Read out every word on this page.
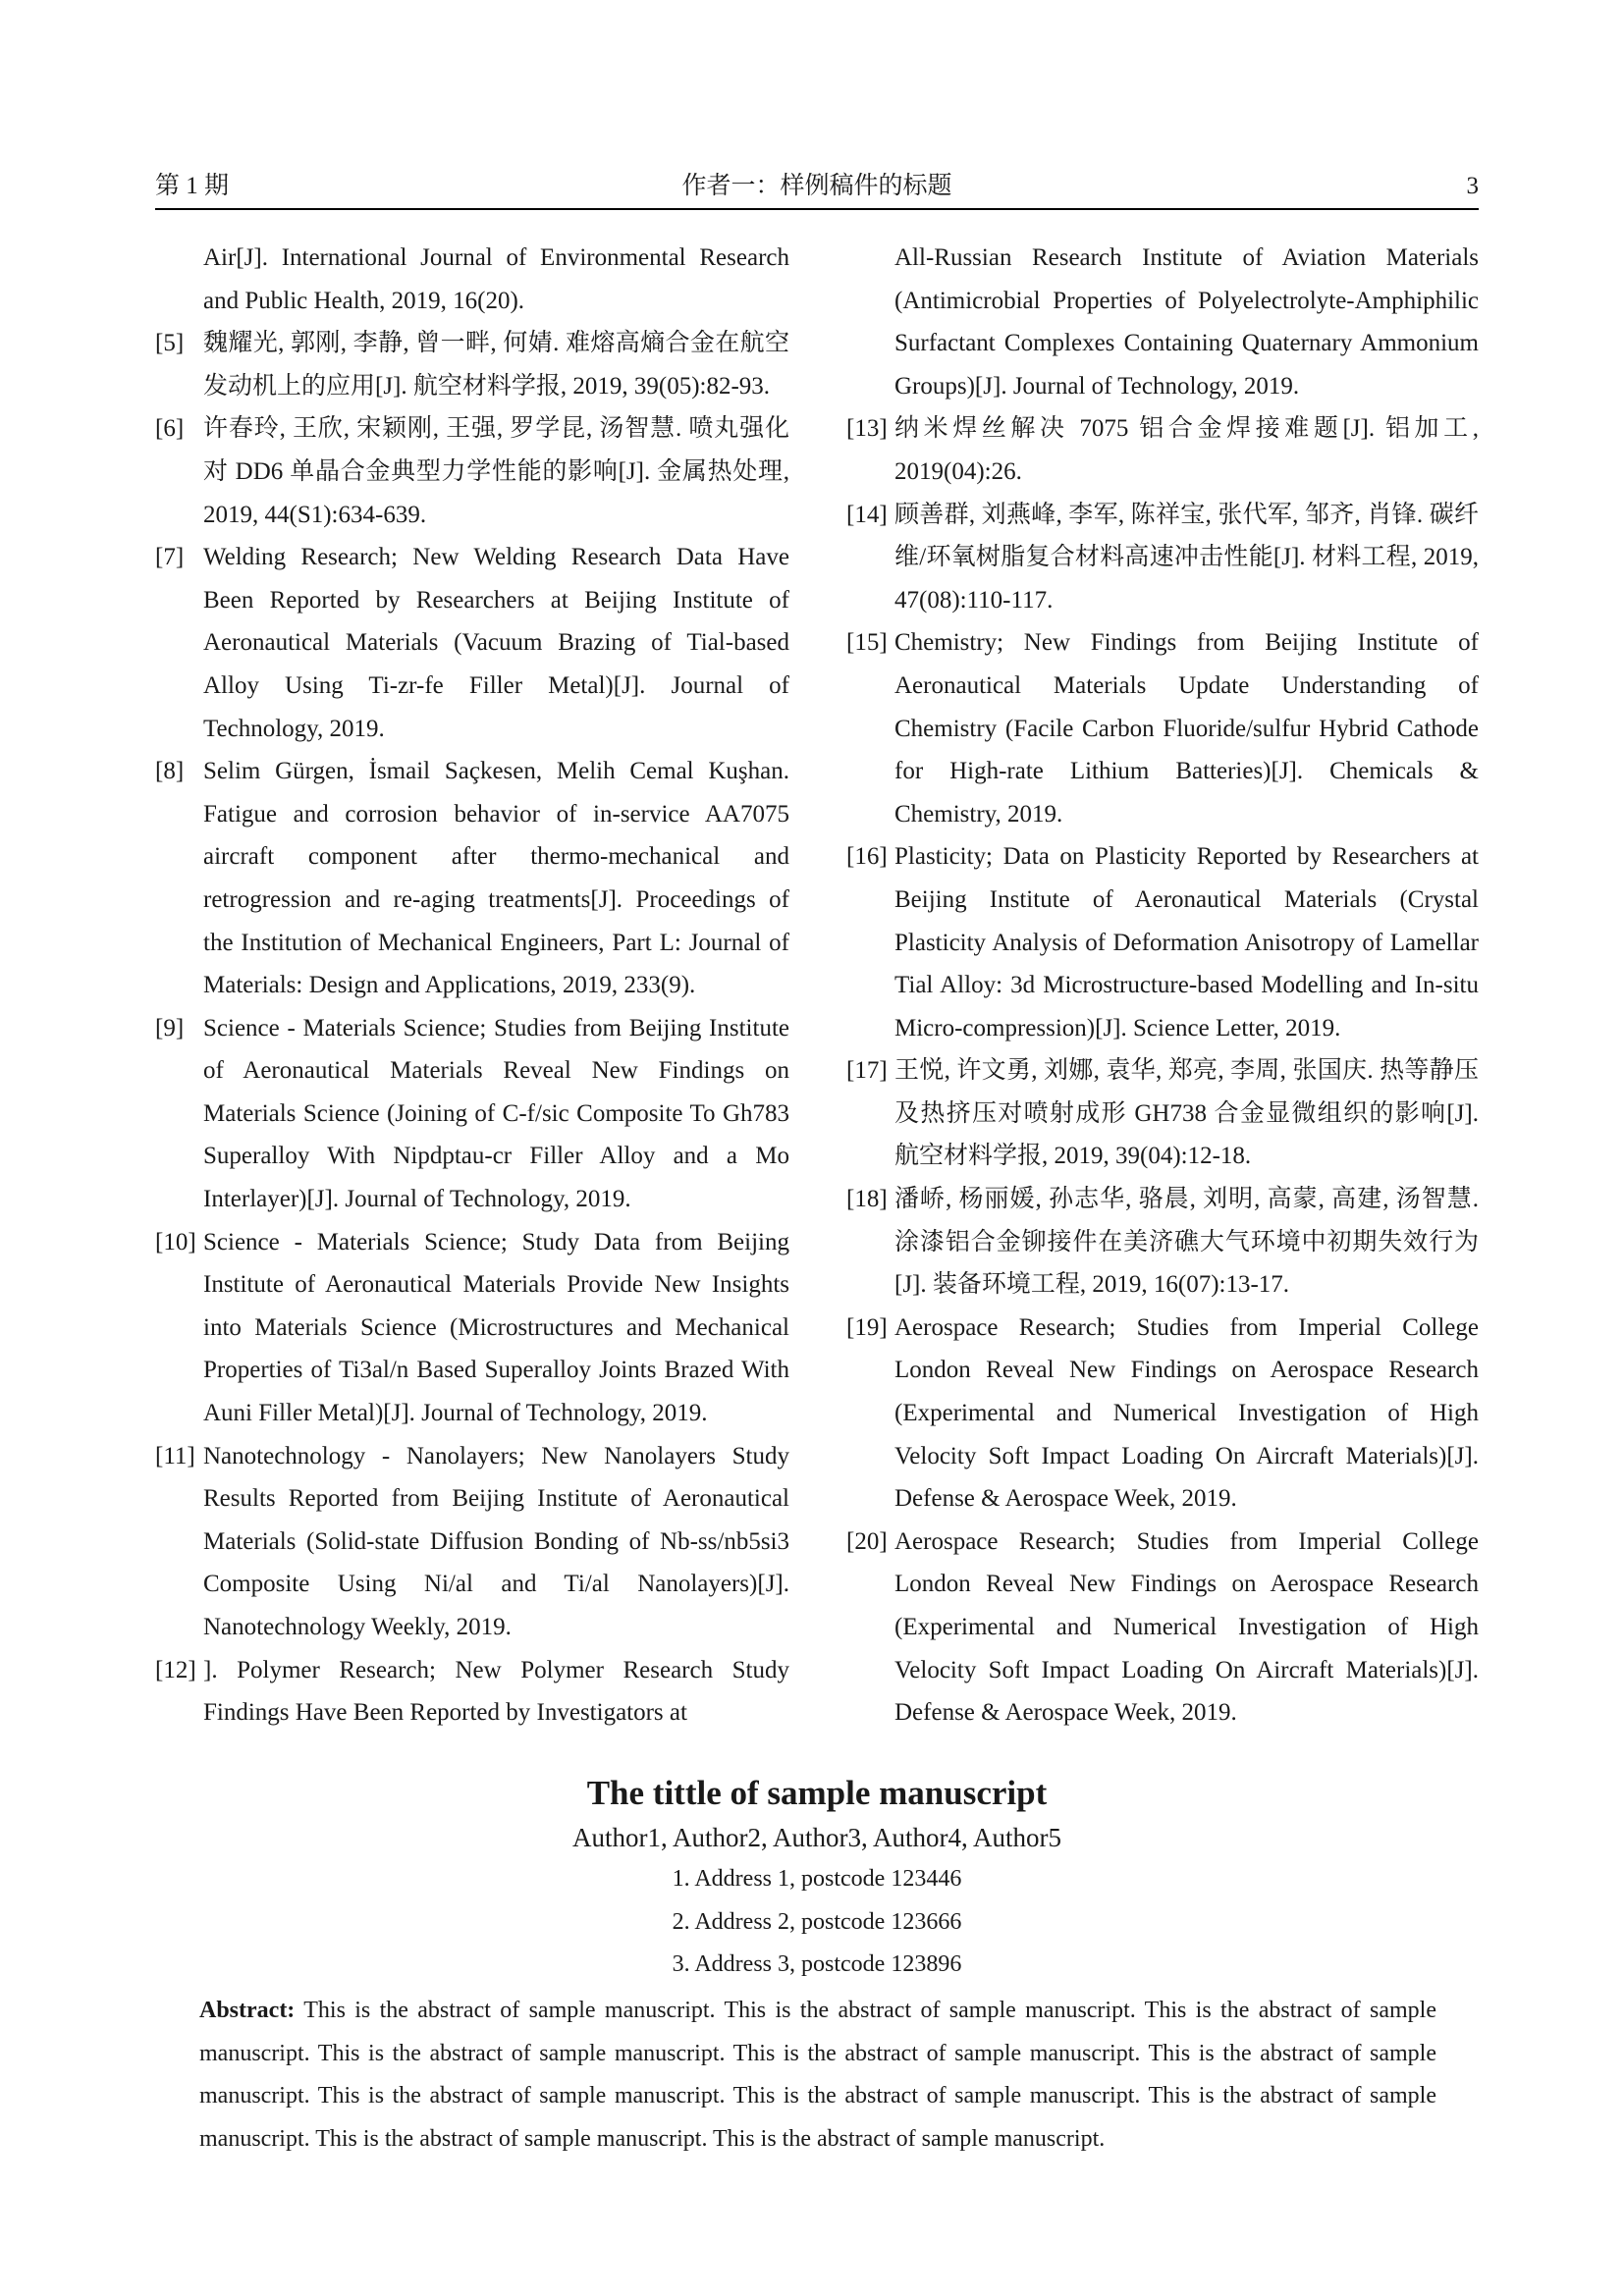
第 1 期	作者一：样例稿件的标题	3
Air[J]. International Journal of Environmental Research and Public Health, 2019, 16(20).
[5] 魏耀光, 郭刚, 李静, 曾一畔, 何婧. 难熔高熵合金在航空发动机上的应用[J]. 航空材料学报, 2019, 39(05):82-93.
[6] 许春玲, 王欣, 宋颖刚, 王强, 罗学昆, 汤智慧. 喷丸强化对 DD6 单晶合金典型力学性能的影响[J]. 金属热处理, 2019, 44(S1):634-639.
[7] Welding Research; New Welding Research Data Have Been Reported by Researchers at Beijing Institute of Aeronautical Materials (Vacuum Brazing of Tial-based Alloy Using Ti-zr-fe Filler Metal)[J]. Journal of Technology, 2019.
[8] Selim Gürgen, İsmail Saçkesen, Melih Cemal Kuşhan. Fatigue and corrosion behavior of in-service AA7075 aircraft component after thermo-mechanical and retrogression and re-aging treatments[J]. Proceedings of the Institution of Mechanical Engineers, Part L: Journal of Materials: Design and Applications, 2019, 233(9).
[9] Science - Materials Science; Studies from Beijing Institute of Aeronautical Materials Reveal New Findings on Materials Science (Joining of C-f/sic Composite To Gh783 Superalloy With Nipdptau-cr Filler Alloy and a Mo Interlayer)[J]. Journal of Technology, 2019.
[10] Science - Materials Science; Study Data from Beijing Institute of Aeronautical Materials Provide New Insights into Materials Science (Microstructures and Mechanical Properties of Ti3al/n Based Superalloy Joints Brazed With Auni Filler Metal)[J]. Journal of Technology, 2019.
[11] Nanotechnology - Nanolayers; New Nanolayers Study Results Reported from Beijing Institute of Aeronautical Materials (Solid-state Diffusion Bonding of Nb-ss/nb5si3 Composite Using Ni/al and Ti/al Nanolayers)[J]. Nanotechnology Weekly, 2019.
[12] ]. Polymer Research; New Polymer Research Study Findings Have Been Reported by Investigators at
All-Russian Research Institute of Aviation Materials (Antimicrobial Properties of Polyelectrolyte-Amphiphilic Surfactant Complexes Containing Quaternary Ammonium Groups)[J]. Journal of Technology, 2019.
[13] 纳米焊丝解决 7075 铝合金焊接难题[J]. 铝加工, 2019(04):26.
[14] 顾善群, 刘燕峰, 李军, 陈祥宝, 张代军, 邹齐, 肖锋. 碳纤维/环氧树脂复合材料高速冲击性能[J]. 材料工程, 2019, 47(08):110-117.
[15] Chemistry; New Findings from Beijing Institute of Aeronautical Materials Update Understanding of Chemistry (Facile Carbon Fluoride/sulfur Hybrid Cathode for High-rate Lithium Batteries)[J]. Chemicals & Chemistry, 2019.
[16] Plasticity; Data on Plasticity Reported by Researchers at Beijing Institute of Aeronautical Materials (Crystal Plasticity Analysis of Deformation Anisotropy of Lamellar Tial Alloy: 3d Microstructure-based Modelling and In-situ Micro-compression)[J]. Science Letter, 2019.
[17] 王悦, 许文勇, 刘娜, 袁华, 郑亮, 李周, 张国庆. 热等静压及热挤压对喷射成形 GH738 合金显微组织的影响[J]. 航空材料学报, 2019, 39(04):12-18.
[18] 潘峤, 杨丽媛, 孙志华, 骆晨, 刘明, 高蒙, 高建, 汤智慧. 涂漆铝合金铆接件在美济礁大气环境中初期失效行为[J]. 装备环境工程, 2019, 16(07):13-17.
[19] Aerospace Research; Studies from Imperial College London Reveal New Findings on Aerospace Research (Experimental and Numerical Investigation of High Velocity Soft Impact Loading On Aircraft Materials)[J]. Defense & Aerospace Week, 2019.
[20] Aerospace Research; Studies from Imperial College London Reveal New Findings on Aerospace Research (Experimental and Numerical Investigation of High Velocity Soft Impact Loading On Aircraft Materials)[J]. Defense & Aerospace Week, 2019.

The tittle of sample manuscript

Author1, Author2, Author3, Author4, Author5

1. Address 1, postcode 123446

2. Address 2, postcode 123666

3. Address 3, postcode 123896

Abstract: This is the abstract of sample manuscript. This is the abstract of sample manuscript. This is the abstract of sample manuscript. This is the abstract of sample manuscript. This is the abstract of sample manuscript. This is the abstract of sample manuscript. This is the abstract of sample manuscript. This is the abstract of sample manuscript. This is the abstract of sample manuscript. This is the abstract of sample manuscript. This is the abstract of sample manuscript.
